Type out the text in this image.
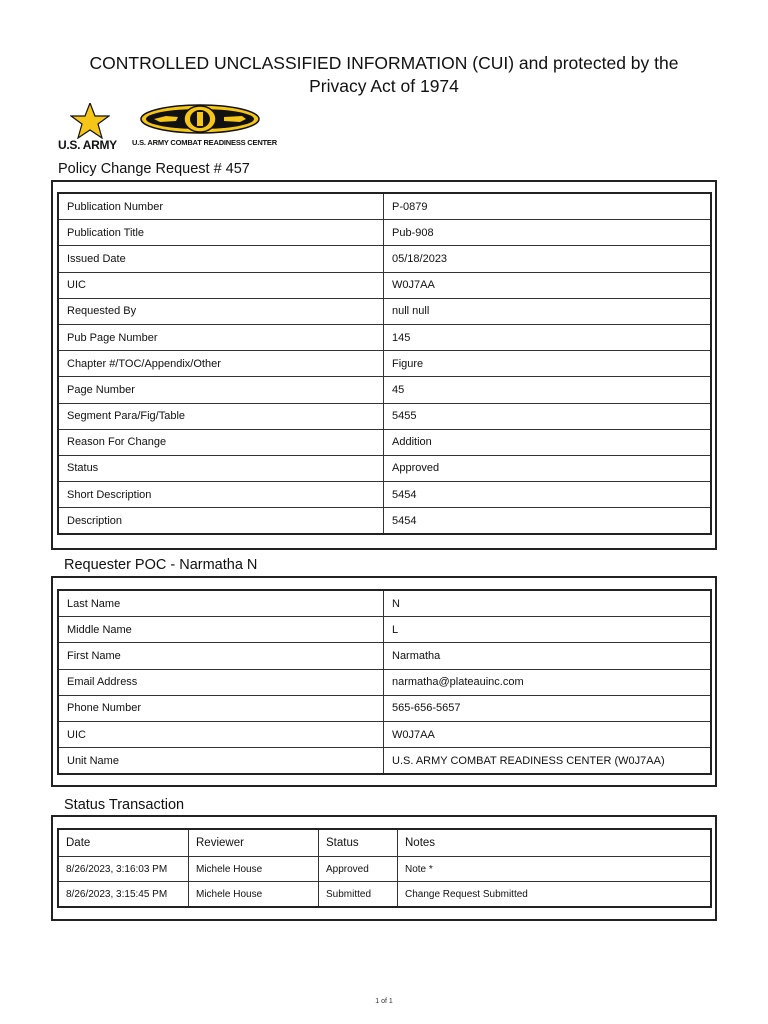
CONTROLLED UNCLASSIFIED INFORMATION (CUI) and protected by the
Privacy Act of 1974
U.S. ARMY U.S. ARMY COMBAT READINESS CENTER
Policy Change Request # 457
Publication Number	P-0879
Publication Title	Pub-908
Issued Date	05/18/2023
UIC	W0J7AA
Requested By	null null
Pub Page Number	145
Chapter #/TOC/Appendix/Other	Figure
Page Number	45
Segment Para/Fig/Table	5455
Reason For Change	Addition
Status	Approved
Short Description	5454
Description	5454
Requester POC - Narmatha N
Last Name	N
Middle Name	L
First Name	Narmatha
Email Address	narmatha@plateauinc.com
Phone Number	565-656-5657
UIC	W0J7AA
Unit Name	U.S. ARMY COMBAT READINESS CENTER (W0J7AA)
Status Transaction
Date	Reviewer	Status	Notes
8/26/2023, 3:16:03 PM	Michele House	Approved	Note *
8/26/2023, 3:15:45 PM	Michele House	Submitted	Change Request Submitted
1 of 1
